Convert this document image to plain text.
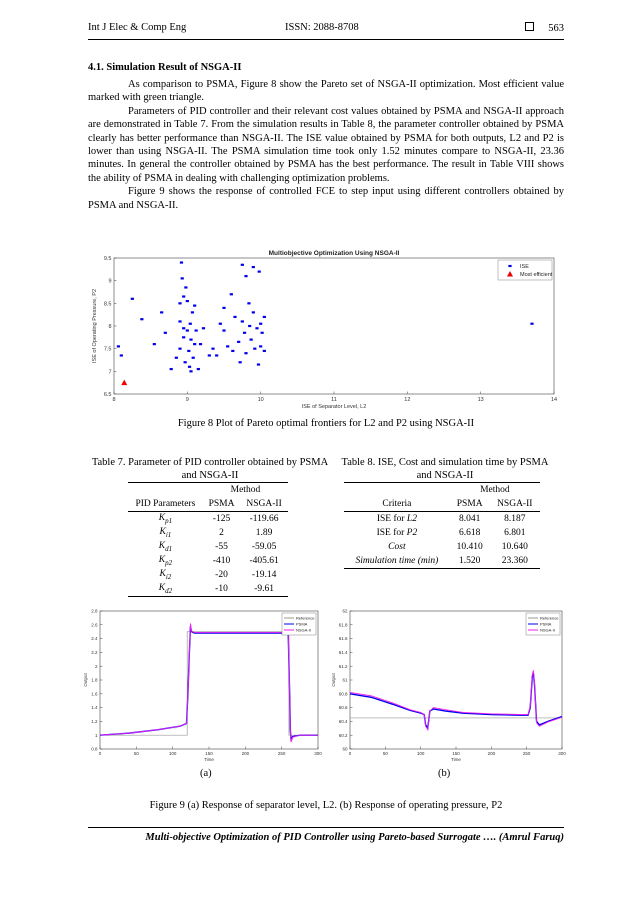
Int J Elec & Comp Eng	ISSN: 2088-8708	563
4.1. Simulation Result of NSGA-II

As comparison to PSMA, Figure 8 show the Pareto set of NSGA-II optimization. Most efficient value marked with green triangle.

Parameters of PID controller and their relevant cost values obtained by PSMA and NSGA-II approach are demonstrated in Table 7. From the simulation results in Table 8, the parameter controller obtained by PSMA clearly has better performance than NSGA-II. The ISE value obtained by PSMA for both outputs, L2 and P2 is lower than using NSGA-II. The PSMA simulation time took only 1.52 minutes compare to NSGA-II, 23.36 minutes. In general the controller obtained by PSMA has the best performance. The result in Table VIII shows the ability of PSMA in dealing with challenging optimization problems.

Figure 9 shows the response of controlled FCE to step input using different controllers obtained by PSMA and NSGA-II.

8	9	10	11	12	13	14
6.5
7
7.5
8
8.5
9
9.5
Multiobjective Optimization Using NSGA-II
ISE of Separator Level, L2
ISE of Operating Pressure, P2
ISE
Most efficient
Figure 8 Plot of Pareto optimal frontiers for L2 and P2 using NSGA-II
Table 7. Parameter of PID controller obtained by PSMA and NSGA-II
	Method	
PID Parameters	PSMA	NSGA-II
$K_{p1}$	-125	-119.66
$K_{i1}$	2	1.89
$K_{d1}$	-55	-59.05
$K_{p2}$	-410	-405.61
$K_{i2}$	-20	-19.14
$K_{d2}$	-10	-9.61
Table 8. ISE, Cost and simulation time by PSMA and NSGA-II
	Method	
Criteria	PSMA	NSGA-II
ISE for L2	8.041	8.187
ISE for P2	6.618	6.801
Cost	10.410	10.640
Simulation time (min)	1.520	23.360
0	50	100	150	200	250	300
0.8
1
1.2
1.4
1.6
1.8
2
2.2
2.4
2.6
2.8
Time
Output
Reference
PSMA
NSGA-II
0	50	100	150	200	250	300
60
60.2
60.4
60.6
60.8
61
61.2
61.4
61.6
61.8
62
Time
Output
Reference
PSMA
NSGA-II
(a)	(b)
Figure 9 (a) Response of separator level, L2. (b) Response of operating pressure, P2
Multi-objective Optimization of PID Controller using Pareto-based Surrogate …. (Amrul Faruq)
